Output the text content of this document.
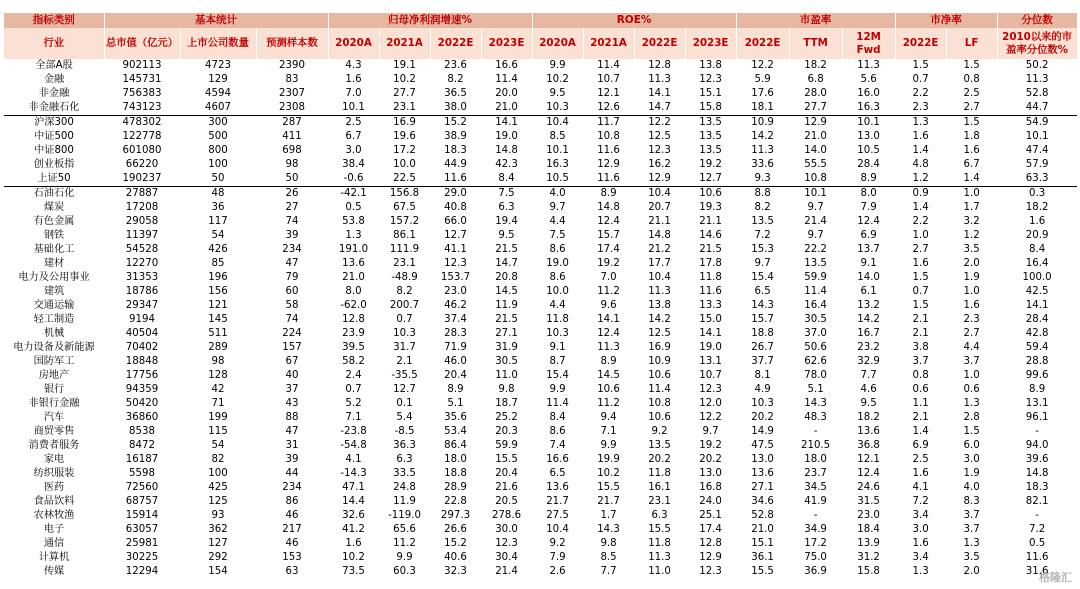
指标类别	基本统计			归母净利润增速%				ROE%				市盈率			市净率		分位数
行业	总市值（亿元）	上市公司数量	预测样本数	2020A	2021A	2022E	2023E	2020A	2021A	2022E	2023E	2022E	TTM	12M Fwd	2022E	LF	2010以来的市盈率分位数%
全部A股	902113	4723	2390	4.3	19.1	23.6	16.6	9.9	11.4	12.8	13.8	12.2	18.2	11.3	1.5	1.5	50.2
金融	145731	129	83	1.6	10.2	8.2	11.4	10.2	10.7	11.3	12.3	5.9	6.8	5.6	0.7	0.8	11.3
非金融	756383	4594	2307	7.0	27.7	36.5	20.0	9.5	12.1	14.1	15.1	17.6	28.0	16.0	2.2	2.5	52.8
非金融石化	743123	4607	2308	10.1	23.1	38.0	21.0	10.3	12.6	14.7	15.8	18.1	27.7	16.3	2.3	2.7	44.7
沪深300	478302	300	287	2.5	16.9	15.2	14.1	10.4	11.7	12.2	13.5	10.9	12.9	10.1	1.3	1.5	54.9
中证500	122778	500	411	6.7	19.6	38.9	19.0	8.5	10.8	12.5	13.5	14.2	21.0	13.0	1.6	1.8	10.1
中证800	601080	800	698	3.0	17.2	18.3	14.8	10.1	11.6	12.3	13.5	11.3	14.0	10.5	1.4	1.6	47.4
创业板指	66220	100	98	38.4	10.0	44.9	42.3	16.3	12.9	16.2	19.2	33.6	55.5	28.4	4.8	6.7	57.9
上证50	190237	50	50	-0.6	22.5	11.6	8.4	10.5	11.6	12.9	12.7	9.3	10.8	8.9	1.2	1.4	63.3
石油石化	27887	48	26	-42.1	156.8	29.0	7.5	4.0	8.9	10.4	10.6	8.8	10.1	8.0	0.9	1.0	0.3
煤炭	17208	36	27	0.5	67.5	40.8	6.3	9.7	14.8	20.7	19.3	8.2	9.7	7.9	1.4	1.7	18.2
有色金属	29058	117	74	53.8	157.2	66.0	19.4	4.4	12.4	21.1	21.1	13.5	21.4	12.4	2.2	3.2	1.6
钢铁	11397	54	39	1.3	86.1	12.7	9.5	7.5	15.7	14.8	14.6	7.2	9.7	6.9	1.0	1.2	20.9
基础化工	54528	426	234	191.0	111.9	41.1	21.5	8.6	17.4	21.2	21.5	15.3	22.2	13.7	2.7	3.5	8.4
建材	12270	85	47	13.6	23.1	12.3	14.7	19.0	19.2	17.7	17.8	9.7	13.5	9.1	1.6	2.0	16.4
电力及公用事业	31353	196	79	21.0	-48.9	153.7	20.8	8.6	7.0	10.4	11.8	15.4	59.9	14.0	1.5	1.9	100.0
建筑	18786	156	60	8.0	8.2	23.0	14.5	10.0	11.2	11.3	11.6	6.5	11.4	6.1	0.7	1.0	42.5
交通运输	29347	121	58	-62.0	200.7	46.2	11.9	4.4	9.6	13.8	13.3	14.3	16.4	13.2	1.5	1.6	14.1
轻工制造	9194	145	74	12.8	0.7	37.4	21.5	11.8	14.1	14.2	15.0	15.7	30.5	14.2	2.1	2.3	28.4
机械	40504	511	224	23.9	10.3	28.3	27.1	10.3	12.4	12.5	14.1	18.8	37.0	16.7	2.1	2.7	42.8
电力设备及新能源	70402	289	157	39.5	31.7	71.9	31.9	9.1	11.3	16.9	19.0	26.7	50.6	23.2	3.8	4.4	59.4
国防军工	18848	98	67	58.2	2.1	46.0	30.5	8.7	8.9	10.9	13.1	37.7	62.6	32.9	3.7	3.7	28.8
房地产	17756	128	40	2.4	-35.5	20.4	11.0	15.4	14.5	10.6	10.7	8.1	78.0	7.7	0.8	1.0	99.6
银行	94359	42	37	0.7	12.7	8.9	9.8	9.9	10.6	11.4	12.3	4.9	5.1	4.6	0.6	0.6	8.9
非银行金融	50420	71	43	5.2	0.1	5.1	18.7	11.4	11.2	10.8	12.0	10.3	14.3	9.5	1.1	1.3	13.1
汽车	36860	199	88	7.1	5.4	35.6	25.2	8.4	9.4	10.6	12.2	20.2	48.3	18.2	2.1	2.8	96.1
商贸零售	8538	115	47	-23.8	-8.5	53.4	20.3	8.6	7.1	9.2	9.7	14.9	-	13.6	1.4	1.5	-
消费者服务	8472	54	31	-54.8	36.3	86.4	59.9	7.4	9.9	13.5	19.2	47.5	210.5	36.8	6.9	6.0	94.0
家电	16187	82	39	4.1	6.3	18.0	15.5	16.6	19.9	20.2	20.2	13.0	18.0	12.1	2.5	3.0	39.6
纺织服装	5598	100	44	-14.3	33.5	18.8	20.4	6.5	10.2	11.8	13.0	13.6	23.7	12.4	1.6	1.9	14.8
医药	72560	425	234	47.1	24.8	28.9	21.6	13.6	15.5	16.1	16.8	27.1	34.5	24.6	4.1	4.0	18.3
食品饮料	68757	125	86	14.4	11.9	22.8	20.5	21.7	21.7	23.1	24.0	34.6	41.9	31.5	7.2	8.3	82.1
农林牧渔	15914	93	46	32.6	-119.0	297.3	278.6	27.5	1.7	6.3	25.1	52.8	-	23.0	3.4	3.7	-
电子	63057	362	217	41.2	65.6	26.6	30.0	10.4	14.3	15.5	17.4	21.0	34.9	18.4	3.0	3.7	7.2
通信	25981	127	46	1.6	11.2	15.2	12.3	9.2	9.8	11.8	12.8	15.1	17.2	13.9	1.6	1.3	0.5
计算机	30225	292	153	10.2	9.9	40.6	30.4	7.9	8.5	11.3	12.9	36.1	75.0	31.2	3.4	3.5	11.6
传媒	12294	154	63	73.5	60.3	32.3	21.4	2.6	7.7	11.0	12.3	15.5	36.9	15.8	1.3	2.0	31.6
格隆汇
